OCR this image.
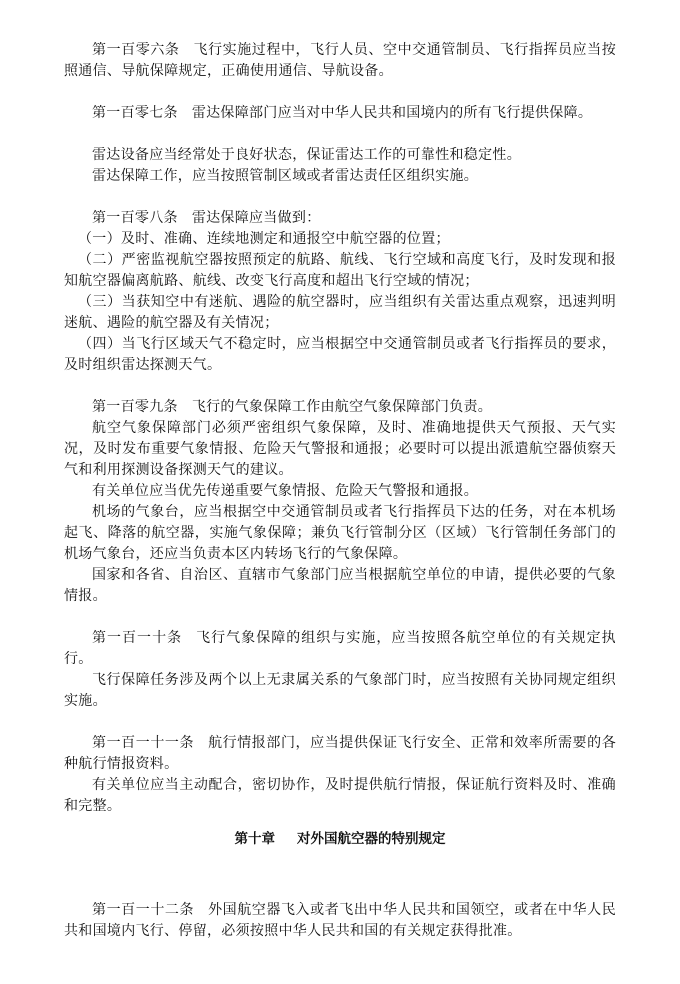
第一百零六条 飞行实施过程中，飞行人员、空中交通管制员、飞行指挥员应当按照通信、导航保障规定，正确使用通信、导航设备。

第一百零七条 雷达保障部门应当对中华人民共和国境内的所有飞行提供保障。

雷达设备应当经常处于良好状态，保证雷达工作的可靠性和稳定性。

雷达保障工作，应当按照管制区域或者雷达责任区组织实施。

第一百零八条 雷达保障应当做到：

（一）及时、准确、连续地测定和通报空中航空器的位置；

（二）严密监视航空器按照预定的航路、航线、飞行空域和高度飞行，及时发现和报知航空器偏离航路、航线、改变飞行高度和超出飞行空域的情况；

（三）当获知空中有迷航、遇险的航空器时，应当组织有关雷达重点观察，迅速判明迷航、遇险的航空器及有关情况；

（四）当飞行区域天气不稳定时，应当根据空中交通管制员或者飞行指挥员的要求，及时组织雷达探测天气。

第一百零九条 飞行的气象保障工作由航空气象保障部门负责。

航空气象保障部门必须严密组织气象保障，及时、准确地提供天气预报、天气实况，及时发布重要气象情报、危险天气警报和通报；必要时可以提出派遣航空器侦察天气和利用探测设备探测天气的建议。

有关单位应当优先传递重要气象情报、危险天气警报和通报。

机场的气象台，应当根据空中交通管制员或者飞行指挥员下达的任务，对在本机场起飞、降落的航空器，实施气象保障；兼负飞行管制分区（区域）飞行管制任务部门的机场气象台，还应当负责本区内转场飞行的气象保障。

国家和各省、自治区、直辖市气象部门应当根据航空单位的申请，提供必要的气象情报。

第一百一十条 飞行气象保障的组织与实施，应当按照各航空单位的有关规定执行。

飞行保障任务涉及两个以上无隶属关系的气象部门时，应当按照有关协同规定组织实施。

第一百一十一条 航行情报部门，应当提供保证飞行安全、正常和效率所需要的各种航行情报资料。

有关单位应当主动配合，密切协作，及时提供航行情报，保证航行资料及时、准确和完整。

第十章 对外国航空器的特别规定

第一百一十二条 外国航空器飞入或者飞出中华人民共和国领空，或者在中华人民共和国境内飞行、停留，必须按照中华人民共和国的有关规定获得批准。
